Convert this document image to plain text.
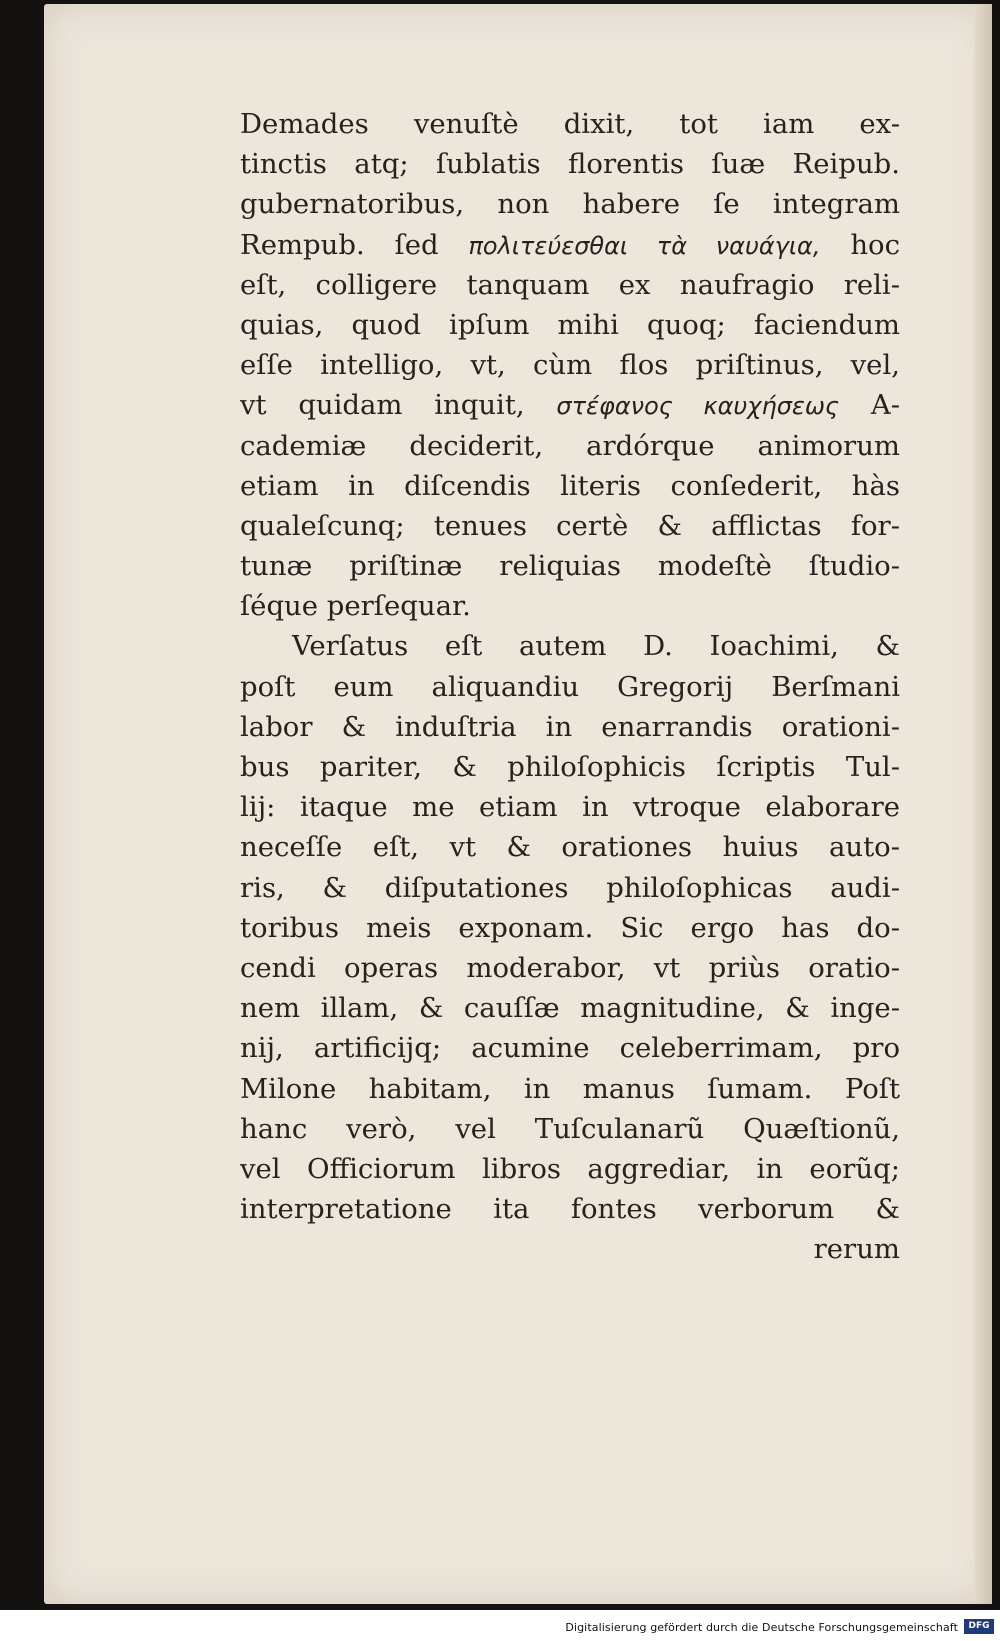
Demades venuſtè dixit, tot iam ex-
tinctis atq; ſublatis florentis ſuæ Reipub.
gubernatoribus, non habere ſe integram
Rempub. ſed πολιτεύεσθαι τὰ ναυάγια, hoc
eſt, colligere tanquam ex naufragio reli-
quias, quod ipſum mihi quoq; faciendum
eſſe intelligo, vt, cùm flos priſtinus, vel,
vt quidam inquit, στέφανος καυχήσεως A-
cademiæ deciderit, ardórque animorum
etiam in diſcendis literis conſederit, hàs
qualeſcunq; tenues certè & afflictas for-
tunæ priſtinæ reliquias modeſtè ſtudio-
ſéque perſequar.
Verſatus eſt autem D. Ioachimi, &
poſt eum aliquandiu Gregorij Berſmani
labor & induſtria in enarrandis orationi-
bus pariter, & philoſophicis ſcriptis Tul-
lij: itaque me etiam in vtroque elaborare
neceſſe eſt, vt & orationes huius auto-
ris, & diſputationes philoſophicas audi-
toribus meis exponam. Sic ergo has do-
cendi operas moderabor, vt priùs oratio-
nem illam, & cauſſæ magnitudine, & inge-
nij, artificijq; acumine celeberrimam, pro
Milone habitam, in manus ſumam. Poſt
hanc verò, vel Tuſculanarũ Quæſtionũ,
vel Officiorum libros aggrediar, in eorũq;
interpretatione ita fontes verborum &
rerum
Digitalisierung gefördert durch die Deutsche Forschungsgemeinschaft	DFG
